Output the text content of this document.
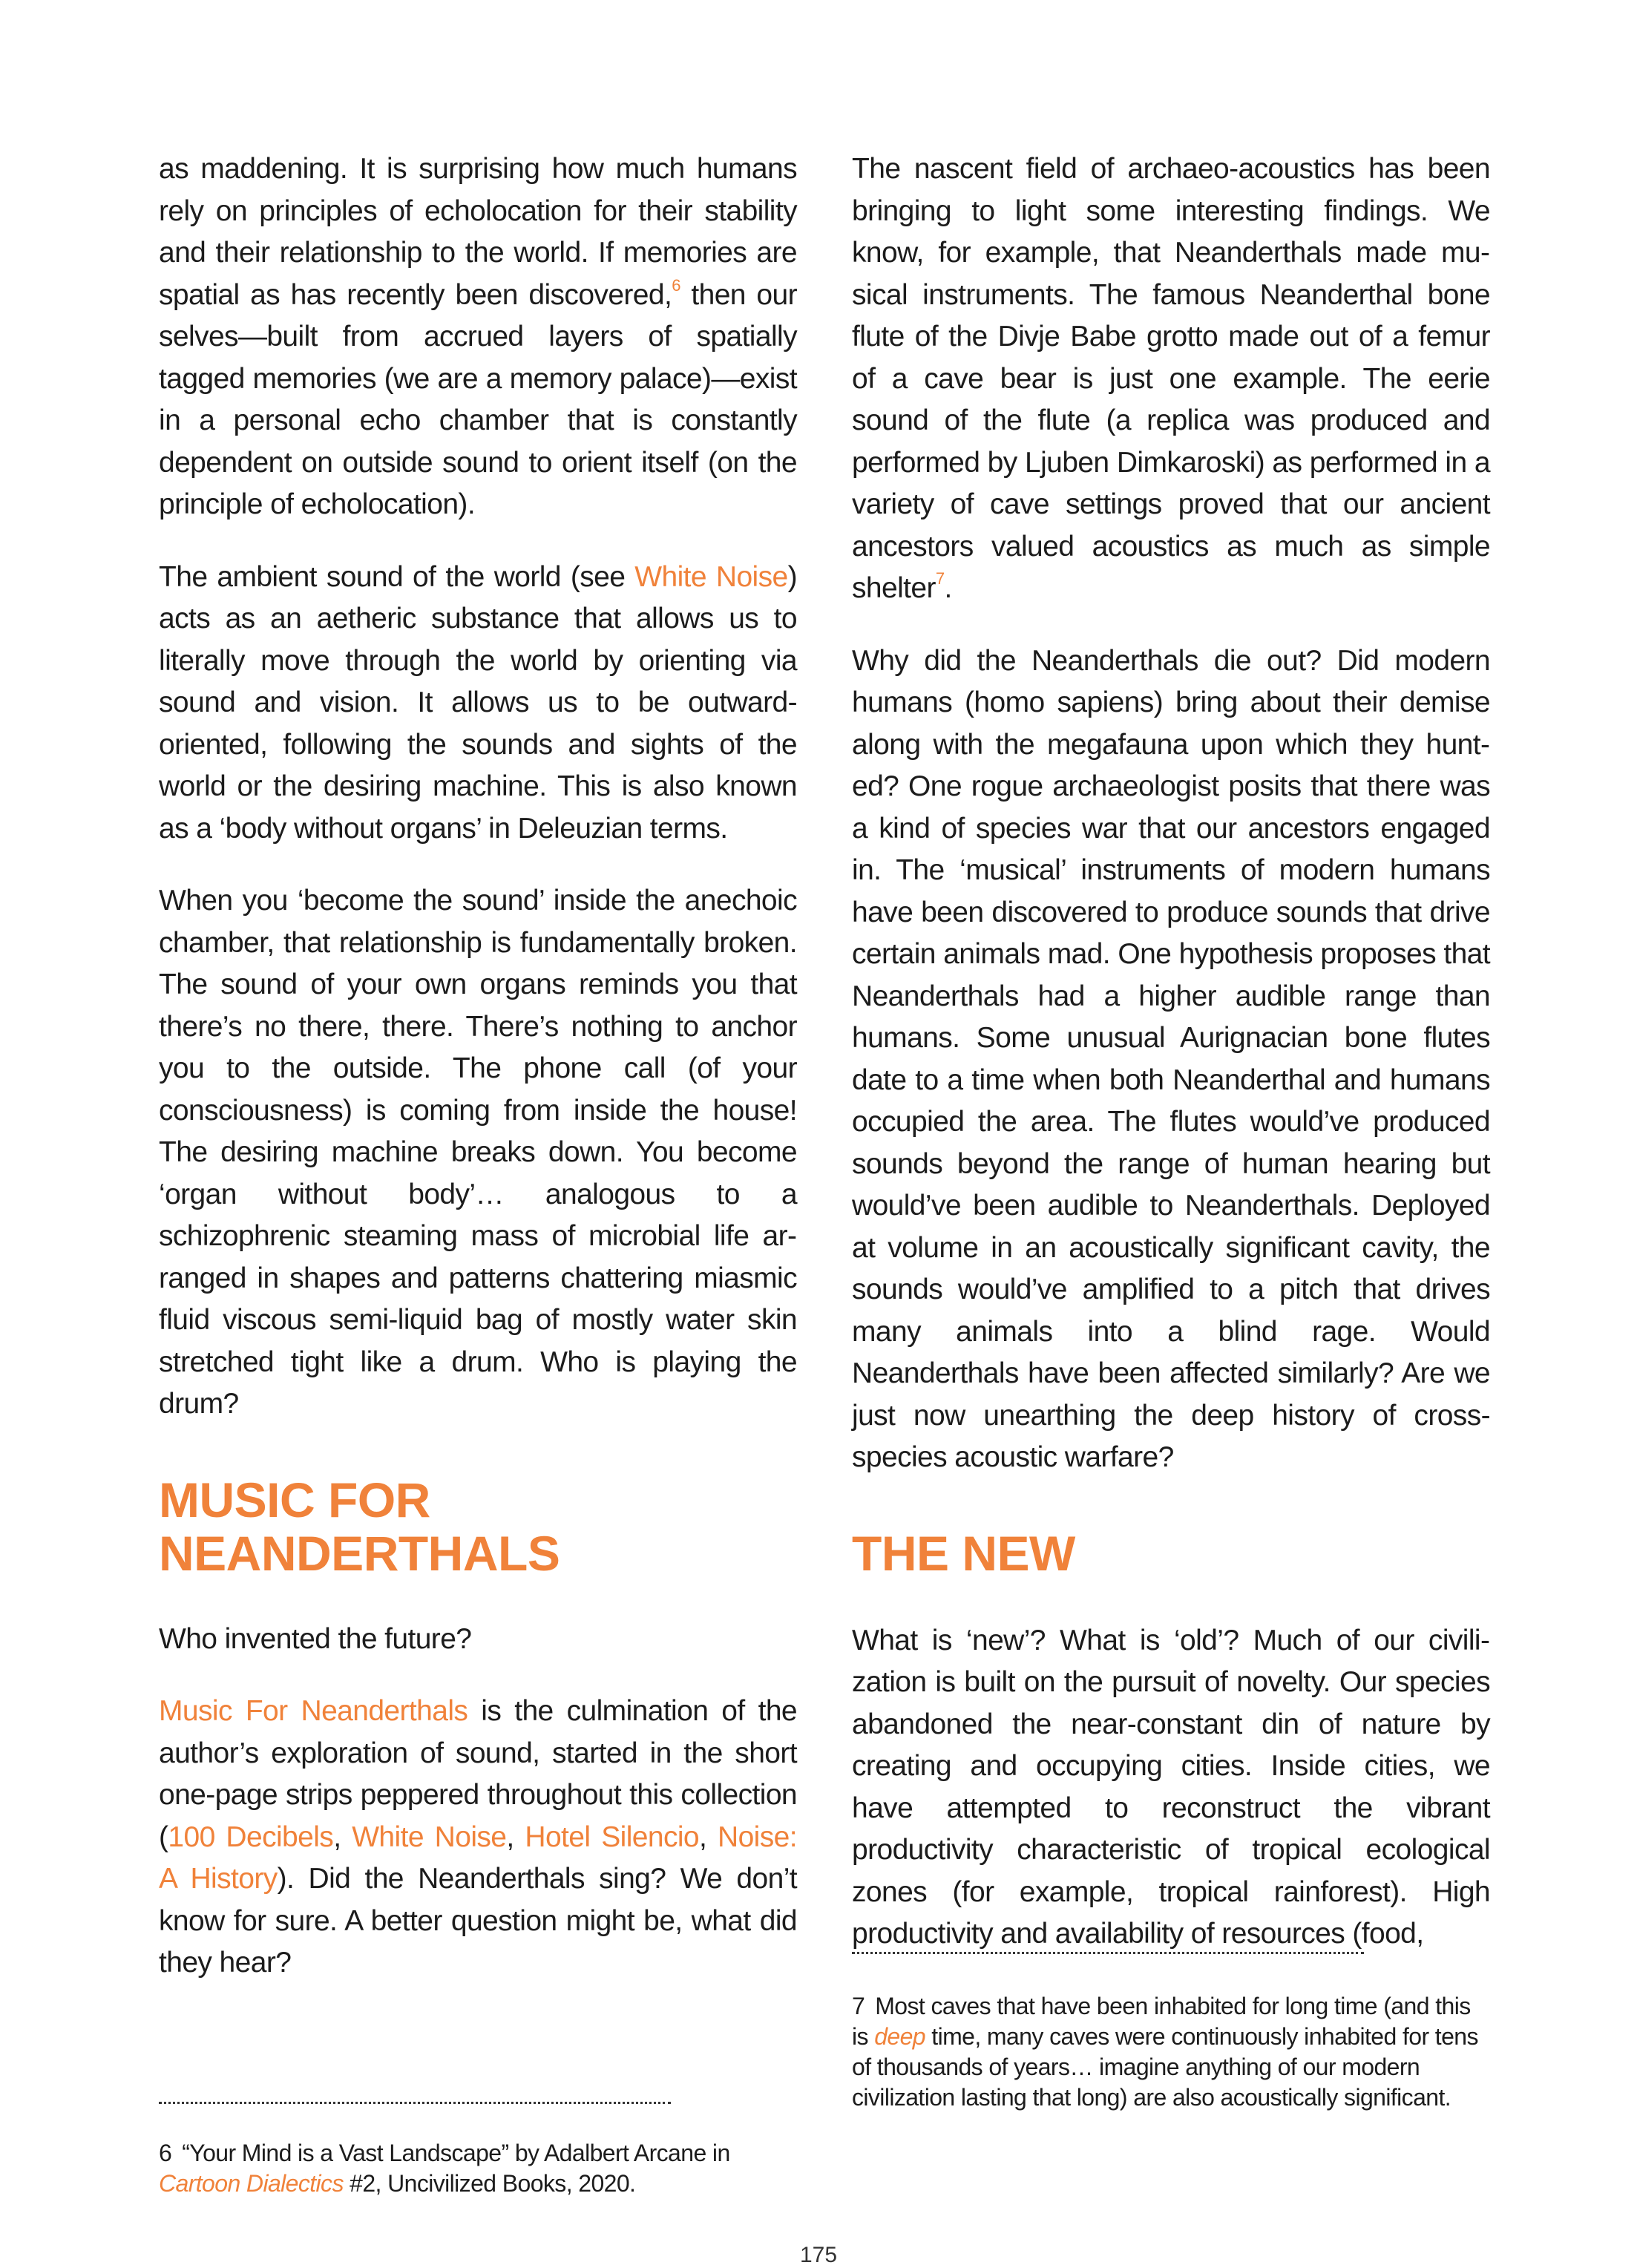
as maddening. It is surprising how much humans rely on principles of echolocation for their stability and their relationship to the world. If memories are spatial as has recently been discovered,$^6$ then our selves—built from accrued layers of spatially tagged memories (we are a memory palace)—exist in a personal echo chamber that is constantly dependent on outside sound to orient itself (on the principle of echolocation).

The ambient sound of the world (see White Noise) acts as an aetheric substance that allows us to literally move through the world by orienting via sound and vision. It allows us to be outward-oriented, following the sounds and sights of the world or the desiring machine. This is also known as a ‘body without organs’ in Deleuzian terms.

When you ‘become the sound’ inside the anechoic chamber, that relationship is fundamentally broken. The sound of your own organs reminds you that there’s no there, there. There’s nothing to anchor you to the outside. The phone call (of your consciousness) is coming from inside the house! The desiring machine breaks down. You become ‘organ without body’… analogous to a schizophrenic steaming mass of microbial life arranged in shapes and patterns chattering miasmic fluid viscous semi-liquid bag of mostly water skin stretched tight like a drum. Who is playing the drum?

MUSIC FOR
NEANDERTHALS

Who invented the future?

Music For Neanderthals is the culmination of the author’s exploration of sound, started in the short one-page strips peppered throughout this collection (100 Decibels, White Noise, Hotel Silencio, Noise: A History). Did the Neanderthals sing? We don’t know for sure. A better question might be, what did they hear?

The nascent field of archaeo-acoustics has been bringing to light some interesting findings. We know, for example, that Neanderthals made musical instruments. The famous Neanderthal bone flute of the Divje Babe grotto made out of a femur of a cave bear is just one example. The eerie sound of the flute (a replica was produced and performed by Ljuben Dimkaroski) as performed in a variety of cave settings proved that our ancient ancestors valued acoustics as much as simple shelter$^7$.

Why did the Neanderthals die out? Did modern humans (homo sapiens) bring about their demise along with the megafauna upon which they hunted? One rogue archaeologist posits that there was a kind of species war that our ancestors engaged in. The ‘musical’ instruments of modern humans have been discovered to produce sounds that drive certain animals mad. One hypothesis proposes that Neanderthals had a higher audible range than humans. Some unusual Aurignacian bone flutes date to a time when both Neanderthal and humans occupied the area. The flutes would’ve produced sounds beyond the range of human hearing but would’ve been audible to Neanderthals. Deployed at volume in an acoustically significant cavity, the sounds would’ve amplified to a pitch that drives many animals into a blind rage. Would Neanderthals have been affected similarly? Are we just now unearthing the deep history of cross-species acoustic warfare?

THE NEW

What is ‘new’? What is ‘old’? Much of our civilization is built on the pursuit of novelty. Our species abandoned the near-constant din of nature by creating and occupying cities. Inside cities, we have attempted to reconstruct the vibrant productivity characteristic of tropical ecological zones (for example, tropical rainforest). High productivity and availability of resources (food,

6 “Your Mind is a Vast Landscape” by Adalbert Arcane in Cartoon Dialectics #2, Uncivilized Books, 2020.

7 Most caves that have been inhabited for long time (and this is deep time, many caves were continuously inhabited for tens of thousands of years… imagine anything of our modern civilization lasting that long) are also acoustically significant.

175
